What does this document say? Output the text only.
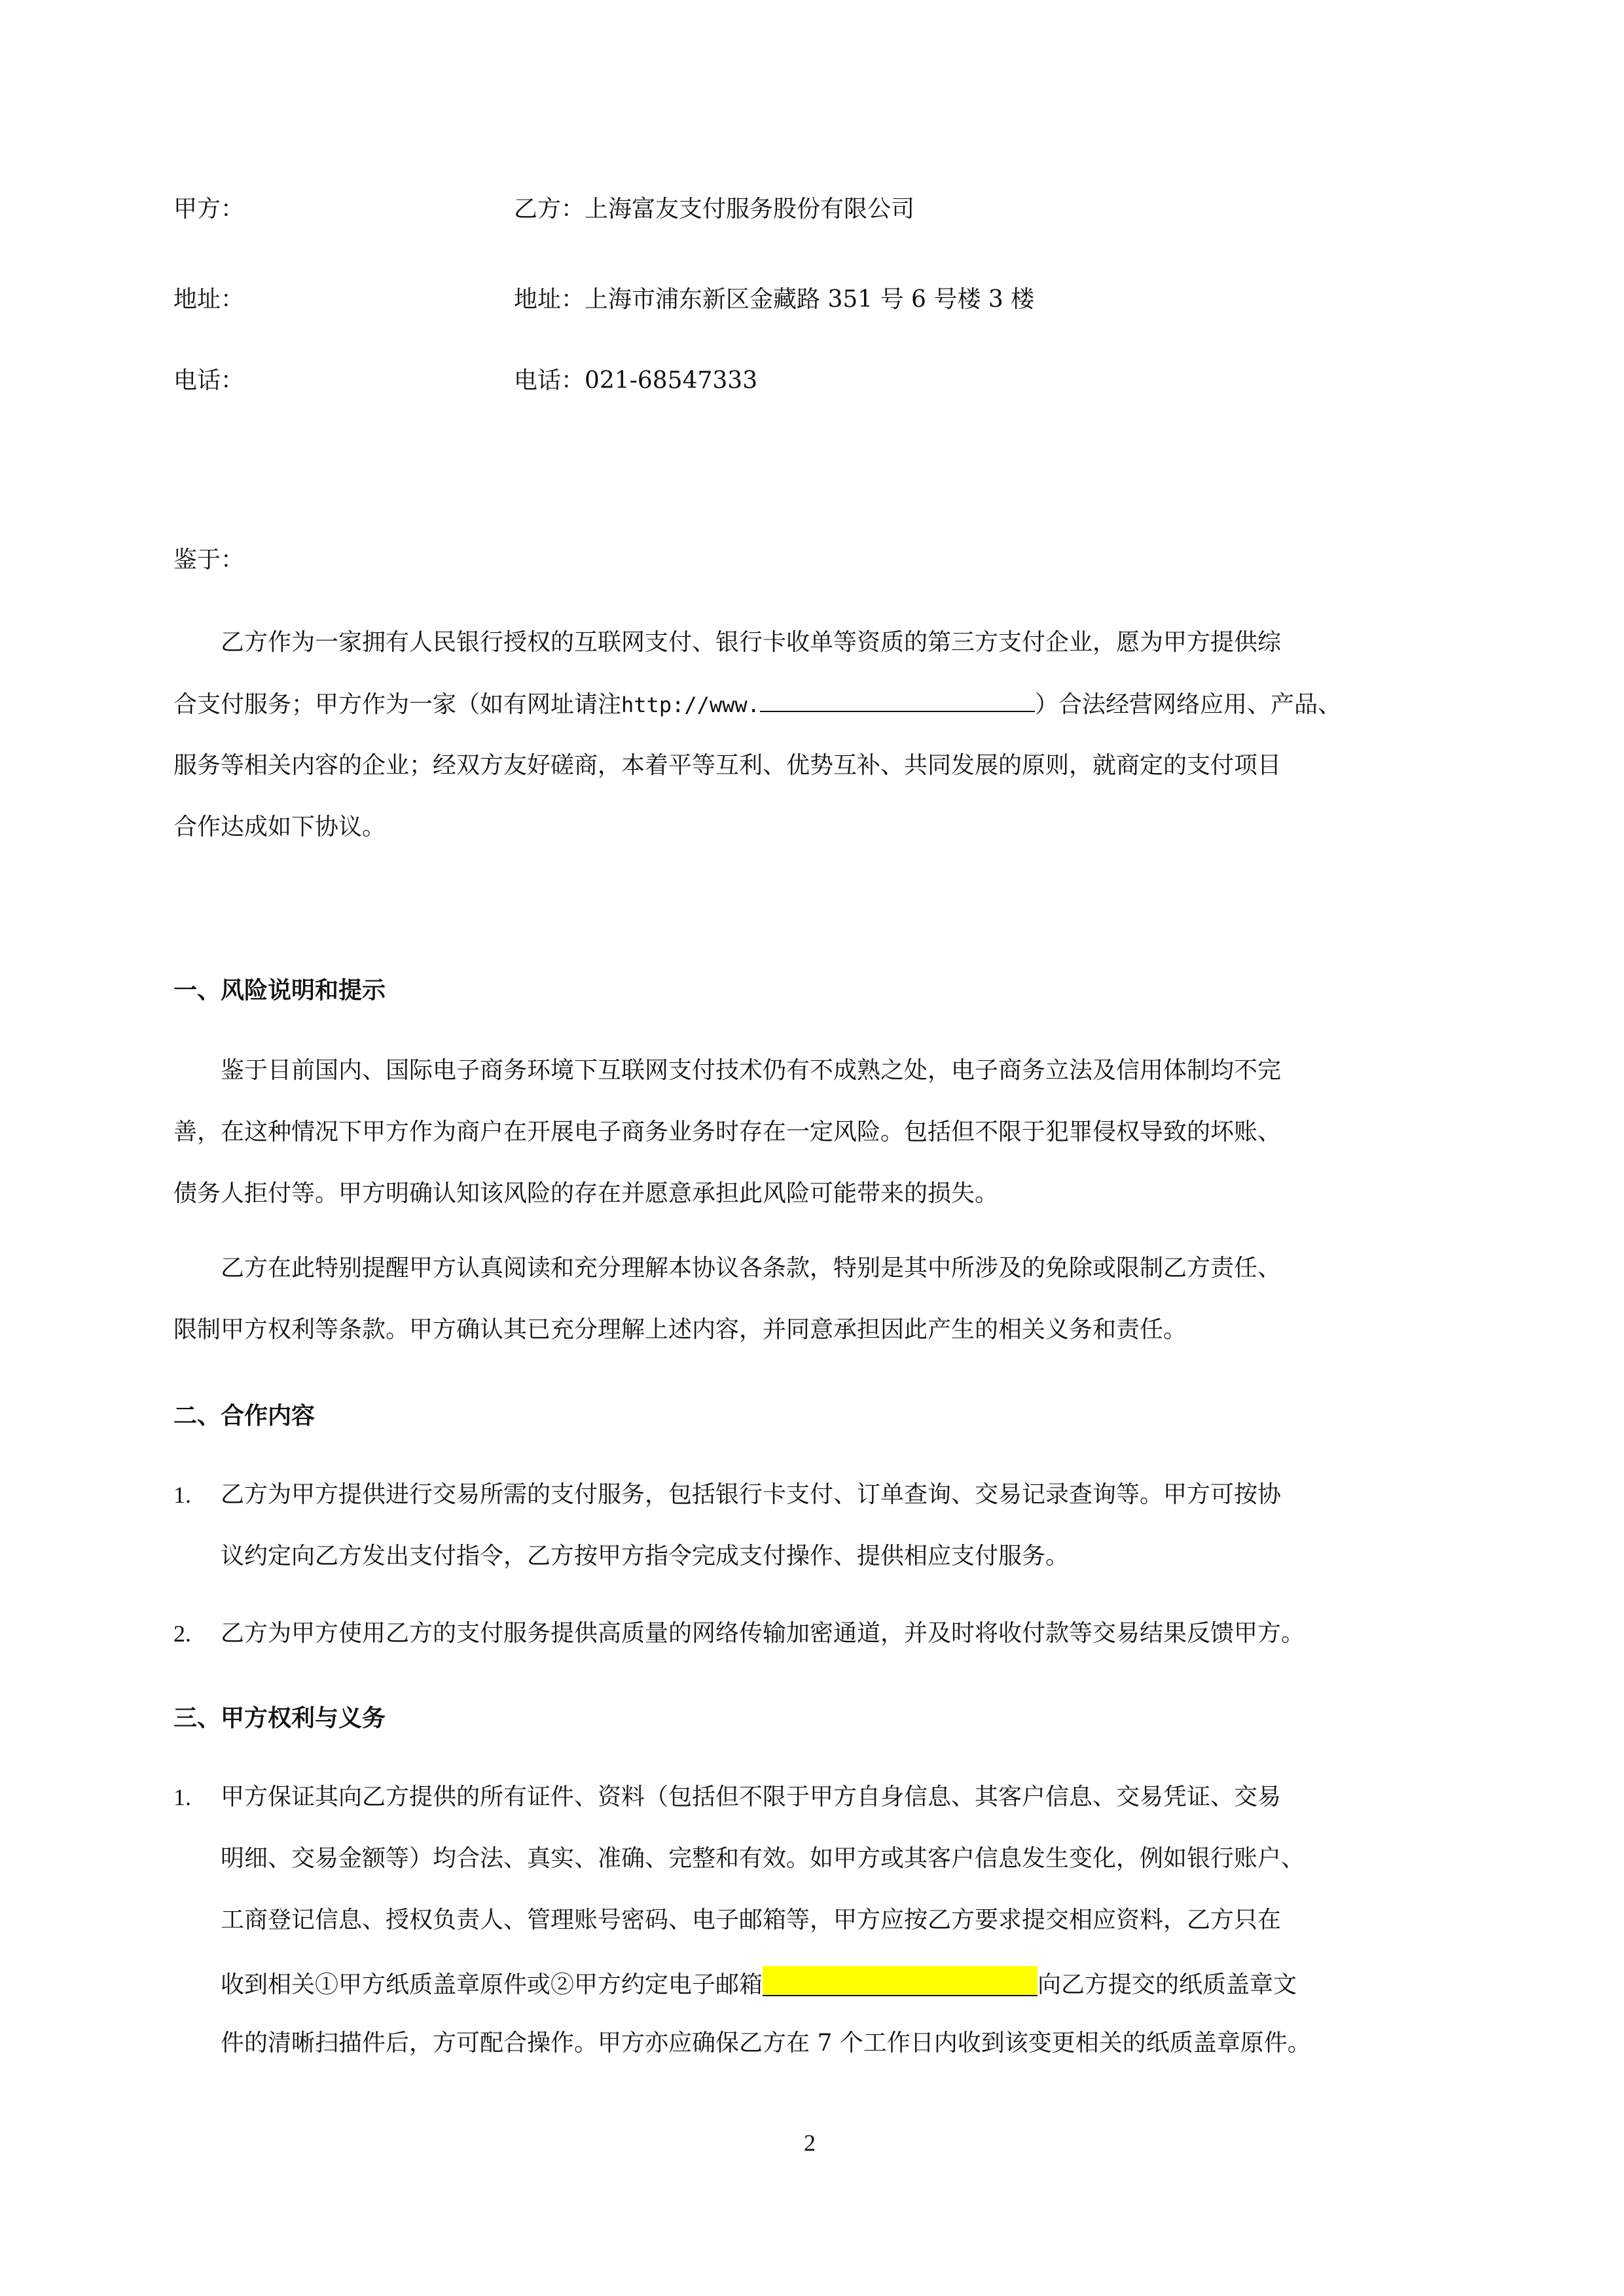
甲方：	乙方：上海富友支付服务股份有限公司
地址：	地址：上海市浦东新区金藏路 351 号 6 号楼 3 楼
电话：	电话：021-68547333
鉴于：
乙方作为一家拥有人民银行授权的互联网支付、银行卡收单等资质的第三方支付企业，愿为甲方提供综
合支付服务；甲方作为一家（如有网址请注http://www.	）合法经营网络应用、产品、
服务等相关内容的企业；经双方友好磋商，本着平等互利、优势互补、共同发展的原则，就商定的支付项目
合作达成如下协议。
一、风险说明和提示
鉴于目前国内、国际电子商务环境下互联网支付技术仍有不成熟之处，电子商务立法及信用体制均不完
善，在这种情况下甲方作为商户在开展电子商务业务时存在一定风险。包括但不限于犯罪侵权导致的坏账、
债务人拒付等。甲方明确认知该风险的存在并愿意承担此风险可能带来的损失。
乙方在此特别提醒甲方认真阅读和充分理解本协议各条款，特别是其中所涉及的免除或限制乙方责任、
限制甲方权利等条款。甲方确认其已充分理解上述内容，并同意承担因此产生的相关义务和责任。
二、合作内容
1. 乙方为甲方提供进行交易所需的支付服务，包括银行卡支付、订单查询、交易记录查询等。甲方可按协
议约定向乙方发出支付指令，乙方按甲方指令完成支付操作、提供相应支付服务。
2. 乙方为甲方使用乙方的支付服务提供高质量的网络传输加密通道，并及时将收付款等交易结果反馈甲方。
三、甲方权利与义务
1. 甲方保证其向乙方提供的所有证件、资料（包括但不限于甲方自身信息、其客户信息、交易凭证、交易
明细、交易金额等）均合法、真实、准确、完整和有效。如甲方或其客户信息发生变化，例如银行账户、
工商登记信息、授权负责人、管理账号密码、电子邮箱等，甲方应按乙方要求提交相应资料，乙方只在
收到相关①甲方纸质盖章原件或②甲方约定电子邮箱	向乙方提交的纸质盖章文
件的清晰扫描件后，方可配合操作。甲方亦应确保乙方在 7 个工作日内收到该变更相关的纸质盖章原件。
2
